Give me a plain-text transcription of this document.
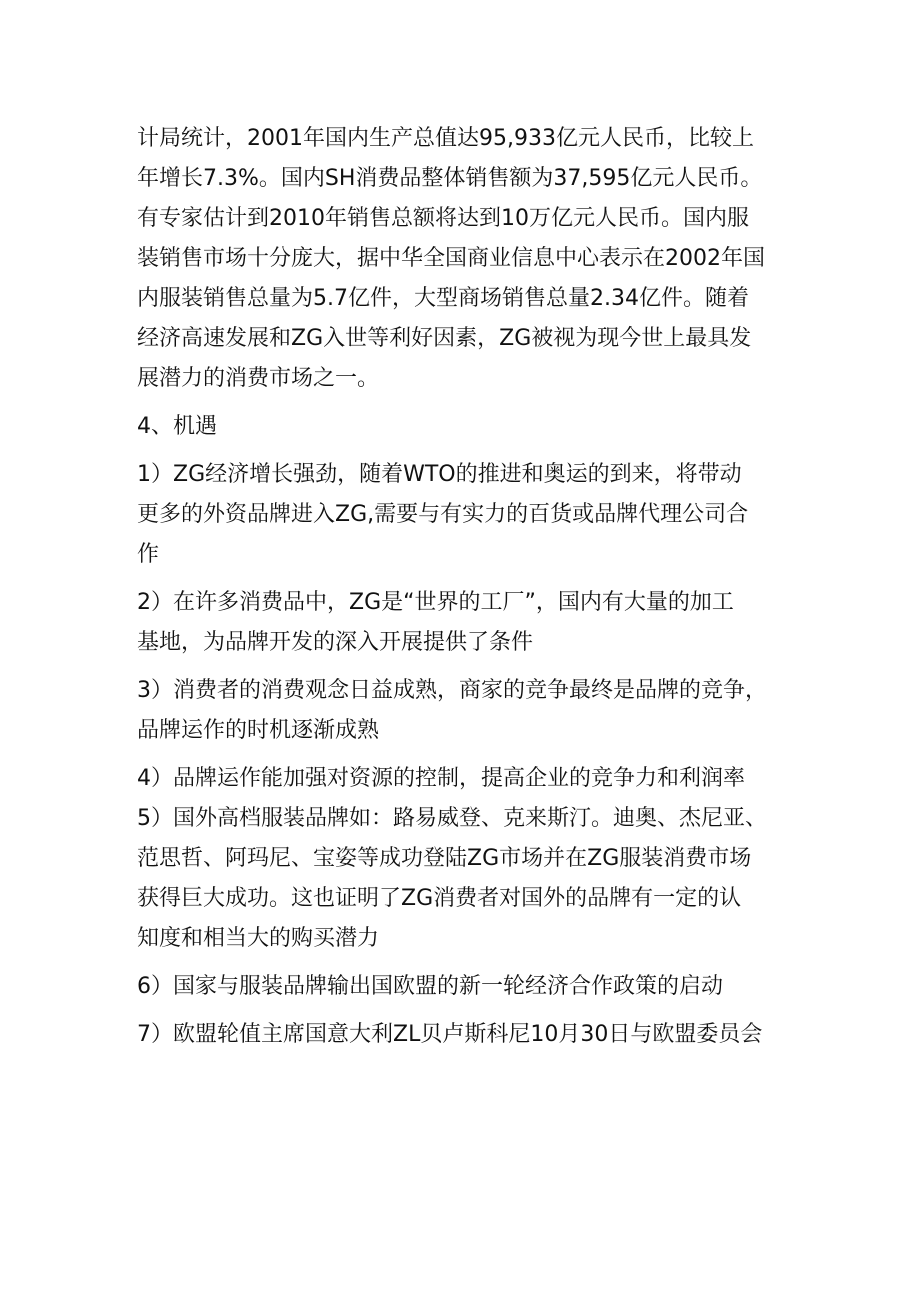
计局统计，2001年国内生产总值达95,933亿元人民币，比较上
年增长7.3%。国内SH消费品整体销售额为37,595亿元人民币。
有专家估计到2010年销售总额将达到10万亿元人民币。国内服
装销售市场十分庞大，据中华全国商业信息中心表示在2002年国
内服装销售总量为5.7亿件，大型商场销售总量2.34亿件。随着
经济高速发展和ZG入世等利好因素，ZG被视为现今世上最具发
展潜力的消费市场之一。
4、机遇
1）ZG经济增长强劲，随着WTO的推进和奥运的到来，将带动
更多的外资品牌进入ZG,需要与有实力的百货或品牌代理公司合
作
2）在许多消费品中，ZG是“世界的工厂”，国内有大量的加工
基地，为品牌开发的深入开展提供了条件
3）消费者的消费观念日益成熟，商家的竞争最终是品牌的竞争，
品牌运作的时机逐渐成熟
4）品牌运作能加强对资源的控制，提高企业的竞争力和利润率
5）国外高档服装品牌如：路易威登、克来斯汀。迪奥、杰尼亚、
范思哲、阿玛尼、宝姿等成功登陆ZG市场并在ZG服装消费市场
获得巨大成功。这也证明了ZG消费者对国外的品牌有一定的认
知度和相当大的购买潜力
6）国家与服装品牌输出国欧盟的新一轮经济合作政策的启动
7）欧盟轮值主席国意大利ZL贝卢斯科尼10月30日与欧盟委员会
